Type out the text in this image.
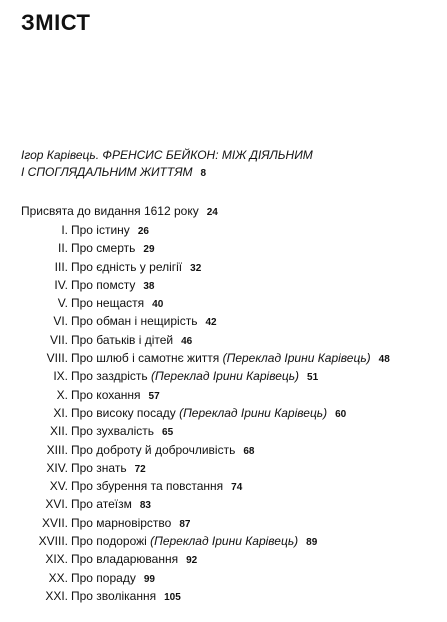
ЗМІСТ
Ігор Карівець. ФРЕНСИС БЕЙКОН: МІЖ ДІЯЛЬНИМ
І СПОГЛЯДАЛЬНИМ ЖИТТЯМ 8
Присвята до видання 1612 року 24
I. Про істину 26
II. Про смерть 29
III. Про єдність у релігії 32
IV. Про помсту 38
V. Про нещастя 40
VI. Про обман і нещирість 42
VII. Про батьків і дітей 46
VIII. Про шлюб і самотнє життя (Переклад Ірини Карівець) 48
IX. Про заздрість (Переклад Ірини Карівець) 51
X. Про кохання 57
XI. Про високу посаду (Переклад Ірини Карівець) 60
XII. Про зухвалість 65
XIII. Про доброту й доброчливість 68
XIV. Про знать 72
XV. Про збурення та повстання 74
XVI. Про атеїзм 83
XVII. Про марновірство 87
XVIII. Про подорожі (Переклад Ірини Карівець) 89
XIX. Про владарювання 92
XX. Про пораду 99
XXI. Про зволікання 105
